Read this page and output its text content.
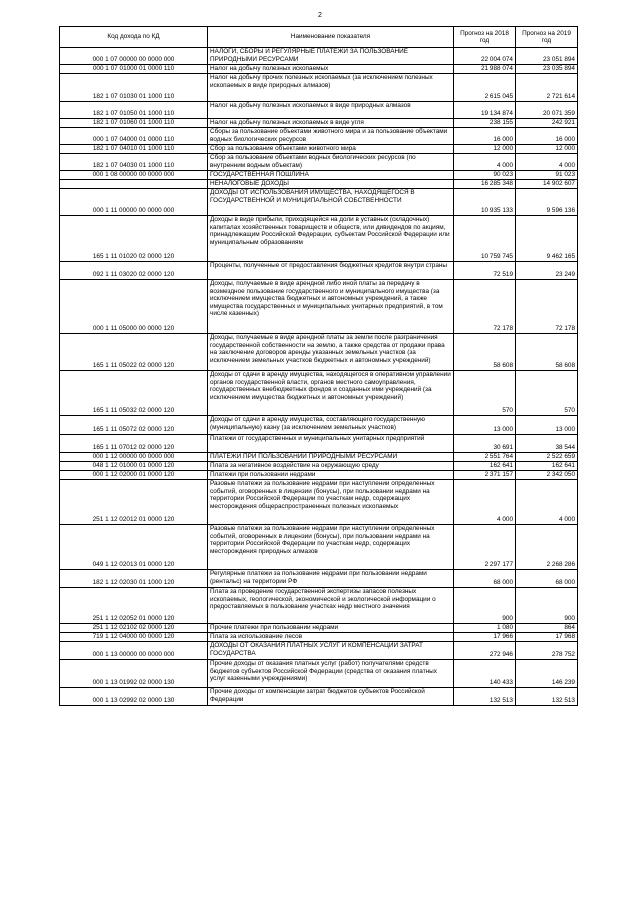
2
Код дохода по КД	Наименование показателя	Прогноз на 2018 год	Прогноз на 2019 год
000 1 07 00000 00 0000 000	НАЛОГИ, СБОРЫ И РЕГУЛЯРНЫЕ ПЛАТЕЖИ ЗА ПОЛЬЗОВАНИЕ ПРИРОДНЫМИ РЕСУРСАМИ	22 004 074	23 051 894
000 1 07 01000 01 0000 110	Налог на добычу полезных ископаемых	21 988 074	23 035 894
182 1 07 01030 01 1000 110	Налог на добычу прочих полезных ископаемых (за исключением полезных ископаемых в виде природных алмазов)	2 615 045	2 721 614
182 1 07 01050 01 1000 110	Налог на добычу полезных ископаемых в виде природных алмазов	19 134 874	20 071 359
182 1 07 01060 01 1000 110	Налог на добычу полезных ископаемых в виде угля	238 155	242 921
000 1 07 04000 01 0000 110	Сборы за пользование объектами животного мира и за пользование объектами водных биологических ресурсов	16 000	16 000
182 1 07 04010 01 1000 110	Сбор за пользование объектами животного мира	12 000	12 000
182 1 07 04030 01 1000 110	Сбор за пользование объектами водных биологических ресурсов (по внутренним водным объектам)	4 000	4 000
000 1 08 00000 00 0000 000	ГОСУДАРСТВЕННАЯ ПОШЛИНА	90 023	91 023
	НЕНАЛОГОВЫЕ ДОХОДЫ	16 285 348	14 902 607
000 1 11 00000 00 0000 000	ДОХОДЫ ОТ ИСПОЛЬЗОВАНИЯ ИМУЩЕСТВА, НАХОДЯЩЕГОСЯ В ГОСУДАРСТВЕННОЙ И МУНИЦИПАЛЬНОЙ СОБСТВЕННОСТИ	10 935 133	9 596 136
165 1 11 01020 02 0000 120	Доходы в виде прибыли, приходящейся на доли в уставных (складочных) капиталах хозяйственных товариществ и обществ, или дивидендов по акциям, принадлежащим Российской Федерации, субъектам Российской Федерации или муниципальным образованиям	10 759 745	9 462 165
092 1 11 03020 02 0000 120	Проценты, полученные от предоставления бюджетных кредитов внутри страны	72 519	23 249
000 1 11 05000 00 0000 120	Доходы, получаемые в виде арендной либо иной платы за передачу в возмездное пользование государственного и муниципального имущества (за исключением имущества бюджетных и автономных учреждений, а также имущества государственных и муниципальных унитарных предприятий, в том числе казенных)	72 178	72 178
165 1 11 05022 02 0000 120	Доходы, получаемые в виде арендной платы за земли после разграничения государственной собственности на землю, а также средства от продажи права на заключение договоров аренды указанных земельных участков (за исключением земельных участков бюджетных и автономных учреждений)	58 608	58 608
165 1 11 05032 02 0000 120	Доходы от сдачи в аренду имущества, находящегося в оперативном управлении органов государственной власти, органов местного самоуправления, государственных внебюджетных фондов и созданных ими учреждений (за исключением имущества бюджетных и автономных учреждений)	570	570
165 1 11 05072 02 0000 120	Доходы от сдачи в аренду имущества, составляющего государственную (муниципальную) казну (за исключением земельных участков)	13 000	13 000
165 1 11 07012 02 0000 120	Платежи от государственных и муниципальных унитарных предприятий	30 691	38 544
000 1 12 00000 00 0000 000	ПЛАТЕЖИ ПРИ ПОЛЬЗОВАНИИ ПРИРОДНЫМИ РЕСУРСАМИ	2 551 764	2 522 659
048 1 12 01000 01 0000 120	Плата за негативное воздействие на окружающую среду	162 641	162 641
000 1 12 02000 01 0000 120	Платежи при пользовании недрами	2 371 157	2 342 050
251 1 12 02012 01 0000 120	Разовые платежи за пользование недрами при наступлении определенных событий, оговоренных в лицензии (бонусы), при пользовании недрами на территории Российской Федерации по участкам недр, содержащих месторождения общераспространенных полезных ископаемых	4 000	4 000
049 1 12 02013 01 0000 120	Разовые платежи за пользование недрами при наступлении определенных событий, оговоренных в лицензии (бонусы), при пользовании недрами на территории Российской Федерации по участкам недр, содержащих месторождения природных алмазов	2 297 177	2 268 286
182 1 12 02030 01 1000 120	Регулярные платежи за пользование недрами при пользовании недрами (рентальс) на территории РФ	68 000	68 000
251 1 12 02052 01 0000 120	Плата за проведение государственной экспертизы запасов полезных ископаемых, геологической, экономической и экологической информации о предоставляемых в пользование участках недр местного значения	900	900
251 1 12 02102 02 0000 120	Прочие платежи при пользовании недрами	1 080	864
719 1 12 04000 00 0000 120	Плата за использование лесов	17 966	17 968
000 1 13 00000 00 0000 000	ДОХОДЫ ОТ ОКАЗАНИЯ ПЛАТНЫХ УСЛУГ И КОМПЕНСАЦИИ ЗАТРАТ ГОСУДАРСТВА	272 946	278 752
000 1 13 01992 02 0000 130	Прочие доходы от оказания платных услуг (работ) получателями средств бюджетов субъектов Российской Федерации (средства от оказания платных услуг казенными учреждениями)	140 433	146 239
000 1 13 02992 02 0000 130	Прочие доходы от компенсации затрат бюджетов субъектов Российской Федерации	132 513	132 513
